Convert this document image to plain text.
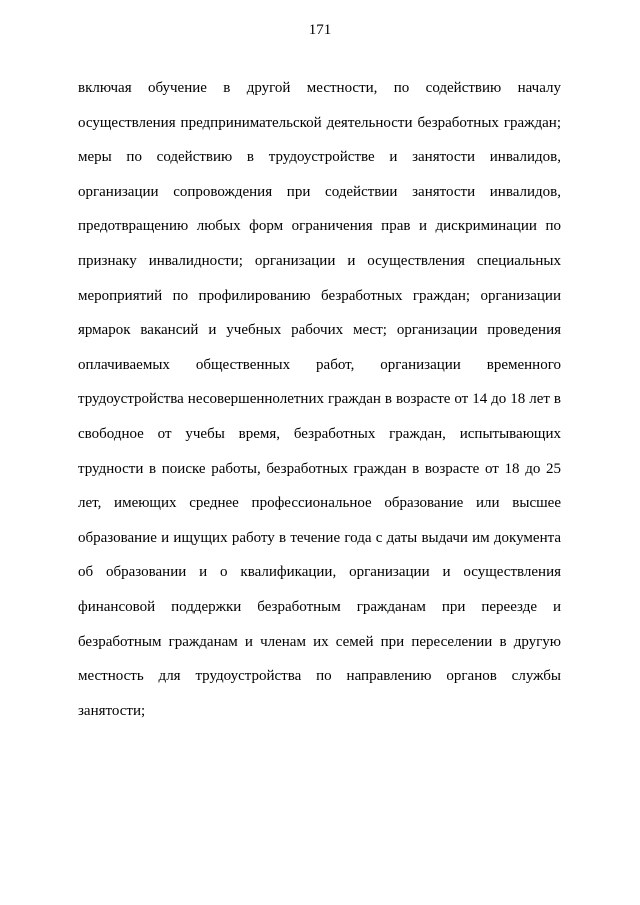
171
включая обучение в другой местности, по содействию началу
осуществления предпринимательской деятельности безработных граждан;
меры по содействию в трудоустройстве и занятости инвалидов,
организации сопровождения при содействии занятости инвалидов,
предотвращению любых форм ограничения прав и дискриминации по
признаку инвалидности; организации и осуществления специальных
мероприятий по профилированию безработных граждан; организации
ярмарок вакансий и учебных рабочих мест; организации проведения
оплачиваемых общественных работ, организации временного
трудоустройства несовершеннолетних граждан в возрасте от 14 до 18 лет в
свободное от учебы время, безработных граждан, испытывающих
трудности в поиске работы, безработных граждан в возрасте от 18 до 25
лет, имеющих среднее профессиональное образование или высшее
образование и ищущих работу в течение года с даты выдачи им документа
об образовании и о квалификации, организации и осуществления
финансовой поддержки безработным гражданам при переезде и
безработным гражданам и членам их семей при переселении в другую
местность для трудоустройства по направлению органов службы
занятости;
